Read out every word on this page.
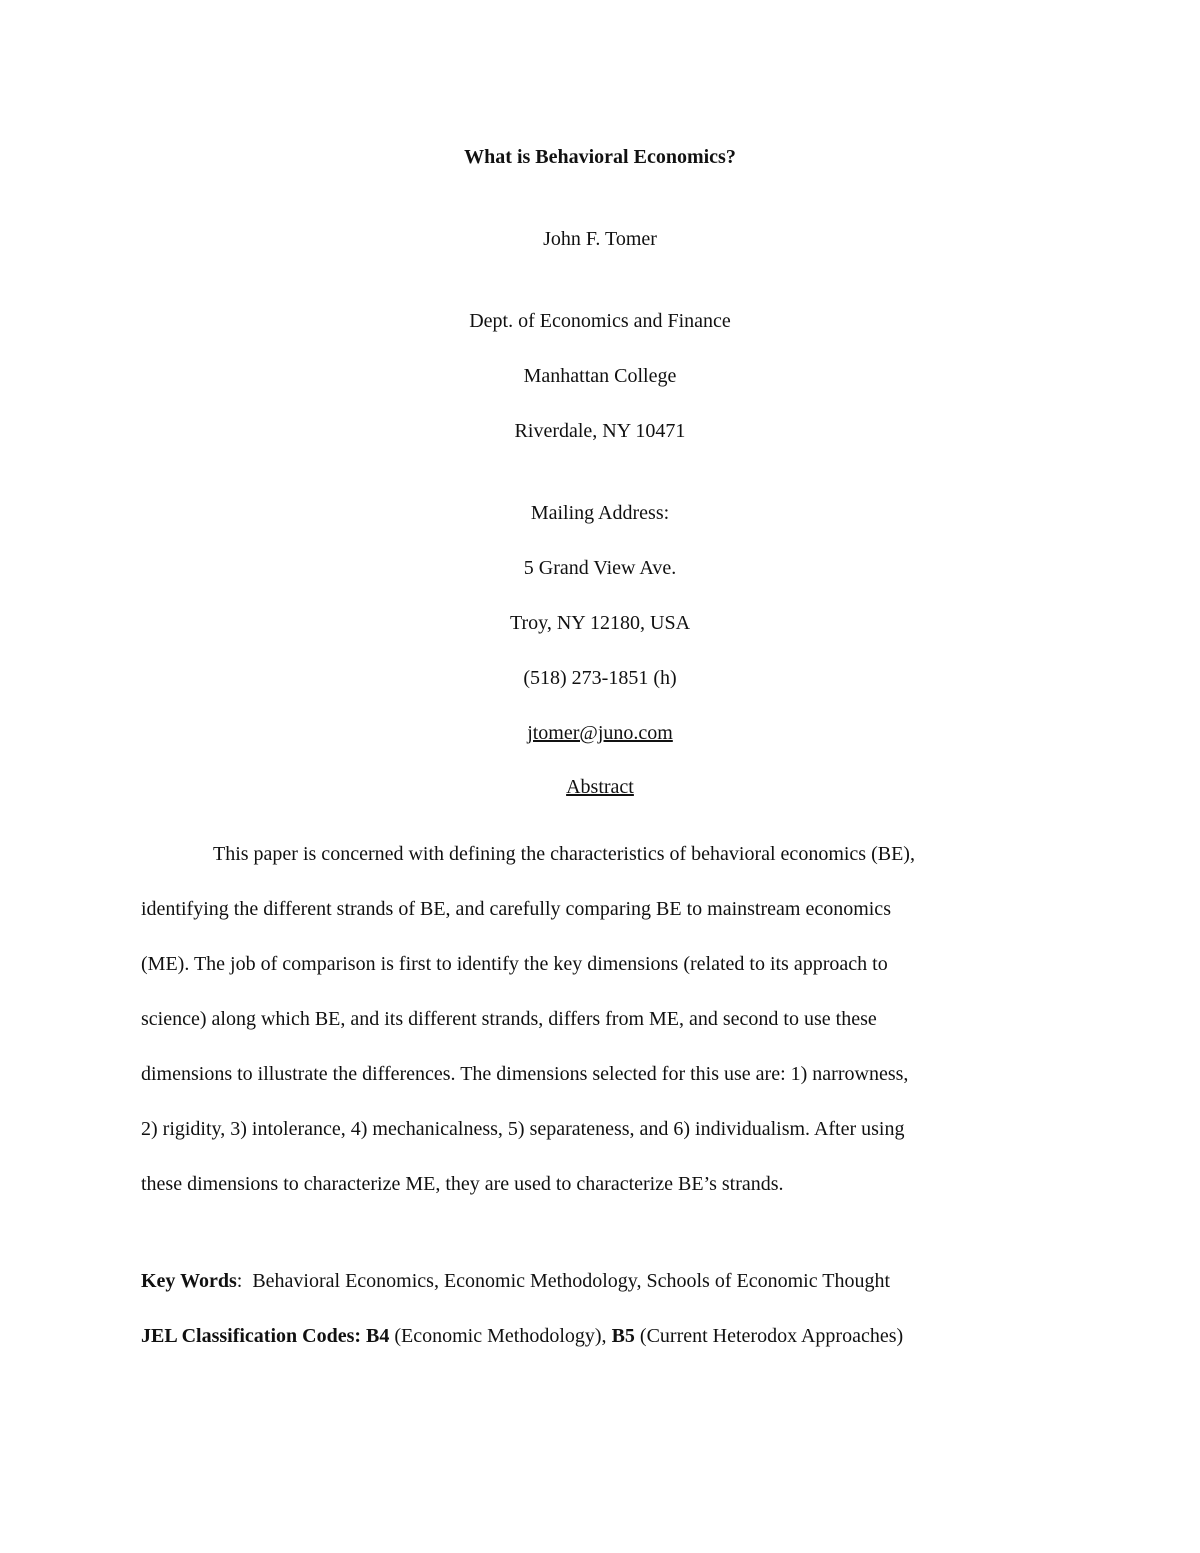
What is Behavioral Economics?
John F. Tomer
Dept. of Economics and Finance
Manhattan College
Riverdale, NY 10471
Mailing Address:
5 Grand View Ave.
Troy, NY 12180, USA
(518) 273-1851 (h)
jtomer@juno.com
Abstract
This paper is concerned with defining the characteristics of behavioral economics (BE),
identifying the different strands of BE, and carefully comparing BE to mainstream economics
(ME). The job of comparison is first to identify the key dimensions (related to its approach to
science) along which BE, and its different strands, differs from ME, and second to use these
dimensions to illustrate the differences. The dimensions selected for this use are: 1) narrowness,
2) rigidity, 3) intolerance, 4) mechanicalness, 5) separateness, and 6) individualism. After using
these dimensions to characterize ME, they are used to characterize BE’s strands.
Key Words: Behavioral Economics, Economic Methodology, Schools of Economic Thought
JEL Classification Codes: B4 (Economic Methodology), B5 (Current Heterodox Approaches)
